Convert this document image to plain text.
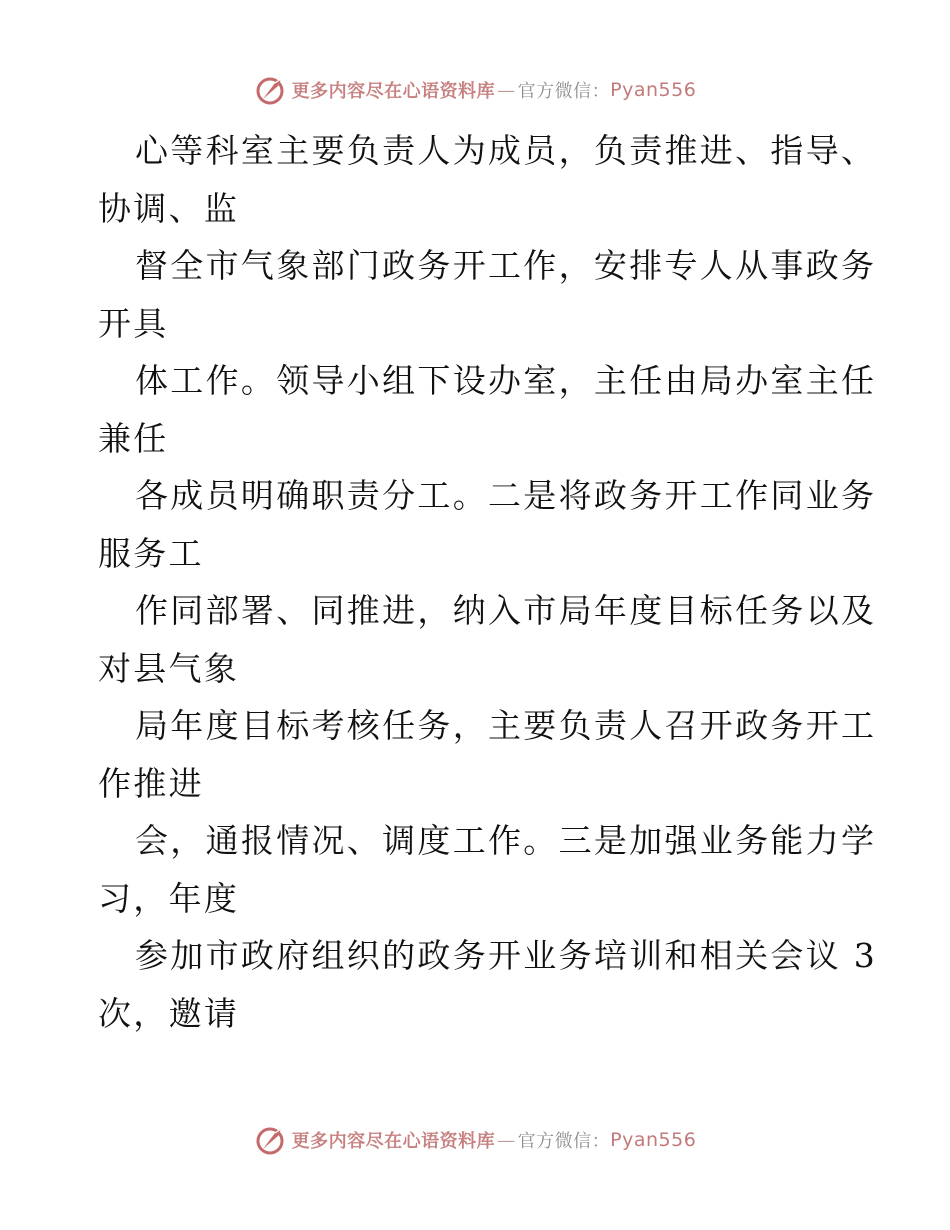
更多内容尽在心语资料库 — 官方微信： Pyan556
心等科室主要负责人为成员，负责推进、指导、
协调、监
督全市气象部门政务开工作，安排专人从事政务
开具
体工作。领导小组下设办室，主任由局办室主任
兼任
各成员明确职责分工。二是将政务开工作同业务
服务工
作同部署、同推进，纳入市局年度目标任务以及
对县气象
局年度目标考核任务，主要负责人召开政务开工
作推进
会，通报情况、调度工作。三是加强业务能力学
习，年度
参加市政府组织的政务开业务培训和相关会议 3
次，邀请
更多内容尽在心语资料库 — 官方微信： Pyan556
